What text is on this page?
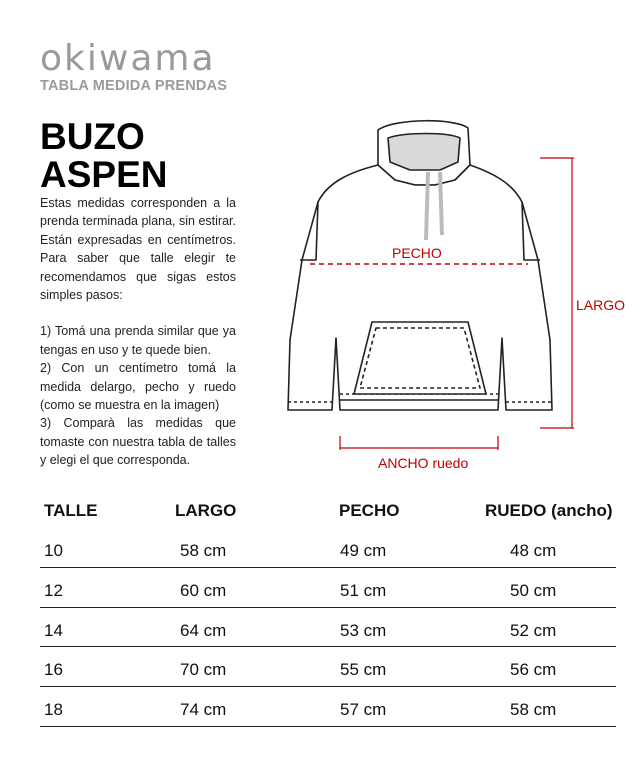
okiwama
TABLA MEDIDA PRENDAS
BUZO
ASPEN

Estas medidas corresponden a la prenda terminada plana, sin estirar. Están expresadas en centímetros. Para saber que talle elegir te recomendamos que sigas estos simples pasos:

1) Tomá una prenda similar que ya tengas en uso y te quede bien.

2) Con un centímetro tomá la medida delargo, pecho y ruedo (como se muestra en la imagen)

3) Comparà las medidas que tomaste con nuestra tabla de talles y elegi el que corresponda.

PECHO
LARGO
ANCHO ruedo
TALLE	LARGO	PECHO	RUEDO (ancho)
10	58 cm	49 cm	48 cm
12	60 cm	51 cm	50 cm
14	64 cm	53 cm	52 cm
16	70 cm	55 cm	56 cm
18	74 cm	57 cm	58 cm
